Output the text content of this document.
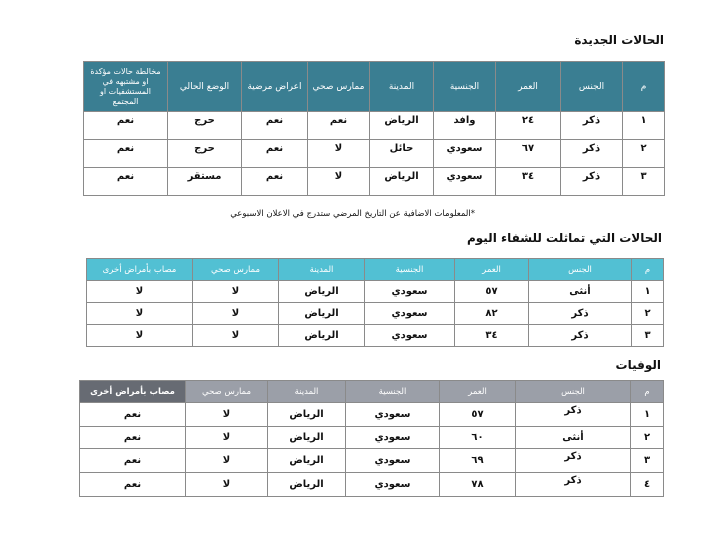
الحالات الجديدة
م	الجنس	العمر	الجنسية	المدينة	ممارس صحي	اعراض مرضية	الوضع الحالي	مخالطة حالات مؤكدة او مشتبهه في المستشفيات او المجتمع
١	ذكر	٢٤	وافد	الرياض	نعم	نعم	حرج	نعم
٢	ذكر	٦٧	سعودي	حائل	لا	نعم	حرج	نعم
٣	ذكر	٣٤	سعودي	الرياض	لا	نعم	مستقر	نعم
*المعلومات الاضافية عن التاريخ المرضي ستدرج في الاعلان الاسبوعي
الحالات التي تماثلت للشفاء اليوم
م	الجنس	العمر	الجنسية	المدينة	ممارس صحي	مصاب بأمراض أخرى
١	أنثى	٥٧	سعودي	الرياض	لا	لا
٢	ذكر	٨٢	سعودي	الرياض	لا	لا
٣	ذكر	٣٤	سعودي	الرياض	لا	لا
الوفيات
م	الجنس	العمر	الجنسية	المدينة	ممارس صحي	مصاب بأمراض أخرى
١	ذكر	٥٧	سعودي	الرياض	لا	نعم
٢	أنثى	٦٠	سعودي	الرياض	لا	نعم
٣	ذكر	٦٩	سعودي	الرياض	لا	نعم
٤	ذكر	٧٨	سعودي	الرياض	لا	نعم
